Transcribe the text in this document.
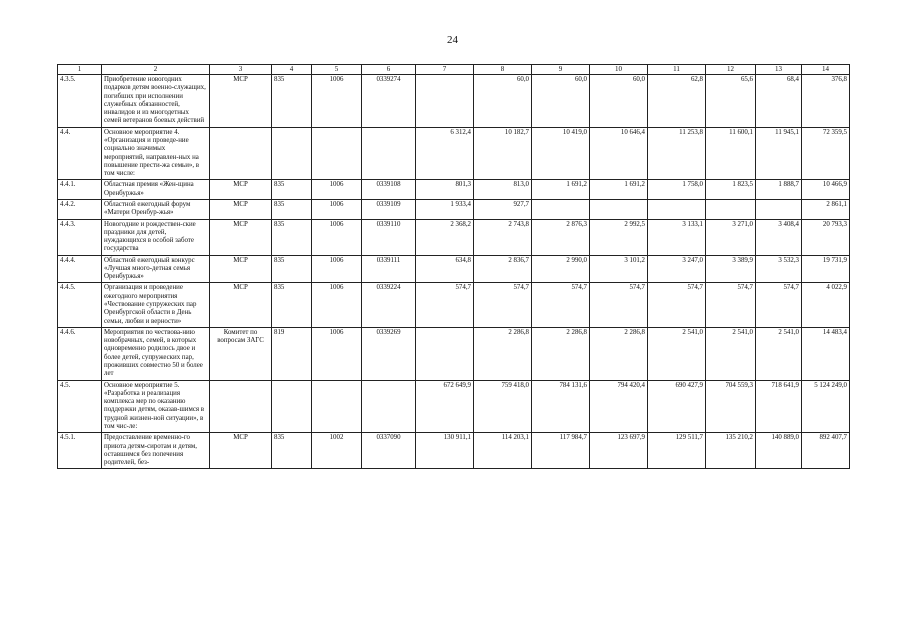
24
1	2	3	4	5	6	7	8	9	10	11	12	13	14
4.3.5.	Приобретение новогодних подарков детям военно-служащих, погибших при исполнении служебных обязанностей, инвалидов и из многодетных семей ветеранов боевых действий	МСР	835	1006	0339274		60,0	60,0	60,0	62,8	65,6	68,4	376,8
4.4.	Основное мероприятие 4. «Организация и проведе-ние социально значимых мероприятий, направлен-ных на повышение прести-жа семьи», в том числе:					6 312,4	10 182,7	10 419,0	10 646,4	11 253,8	11 600,1	11 945,1	72 359,5
4.4.1.	Областная премия «Жен-щина Оренбуржья»	МСР	835	1006	0339108	801,3	813,0	1 691,2	1 691,2	1 758,0	1 823,5	1 888,7	10 466,9
4.4.2.	Областной ежегодный форум «Матери Оренбур-жья»	МСР	835	1006	0339109	1 933,4	927,7						2 861,1
4.4.3.	Новогодние и рождествен-ские праздники для детей, нуждающихся в особой заботе государства	МСР	835	1006	0339110	2 368,2	2 743,8	2 876,3	2 992,5	3 133,1	3 271,0	3 408,4	20 793,3
4.4.4.	Областной ежегодный конкурс «Лучшая много-детная семья Оренбуржья»	МСР	835	1006	0339111	634,8	2 836,7	2 990,0	3 101,2	3 247,0	3 389,9	3 532,3	19 731,9
4.4.5.	Организация и проведение ежегодного мероприятия «Чествование супружеских пар Оренбургской области в День семьи, любви и верности»	МСР	835	1006	0339224	574,7	574,7	574,7	574,7	574,7	574,7	574,7	4 022,9
4.4.6.	Мероприятия по чествова-нию новобрачных, семей, в которых одновременно родилось двое и более детей, супружеских пар, проживших совместно 50 и более лет	Комитет по вопросам ЗАГС	819	1006	0339269		2 286,8	2 286,8	2 286,8	2 541,0	2 541,0	2 541,0	14 483,4
4.5.	Основное мероприятие 5. «Разработка и реализация комплекса мер по оказанию поддержки детям, оказав-шимся в трудной жизнен-ной ситуации», в том чис-ле:					672 649,9	759 418,0	784 131,6	794 420,4	690 427,9	704 559,3	718 641,9	5 124 249,0
4.5.1.	Предоставление временно-го приюта детям-сиротам и детям, оставшимся без попечения родителей, без-	МСР	835	1002	0337090	130 911,1	114 203,1	117 984,7	123 697,9	129 511,7	135 210,2	140 889,0	892 407,7
